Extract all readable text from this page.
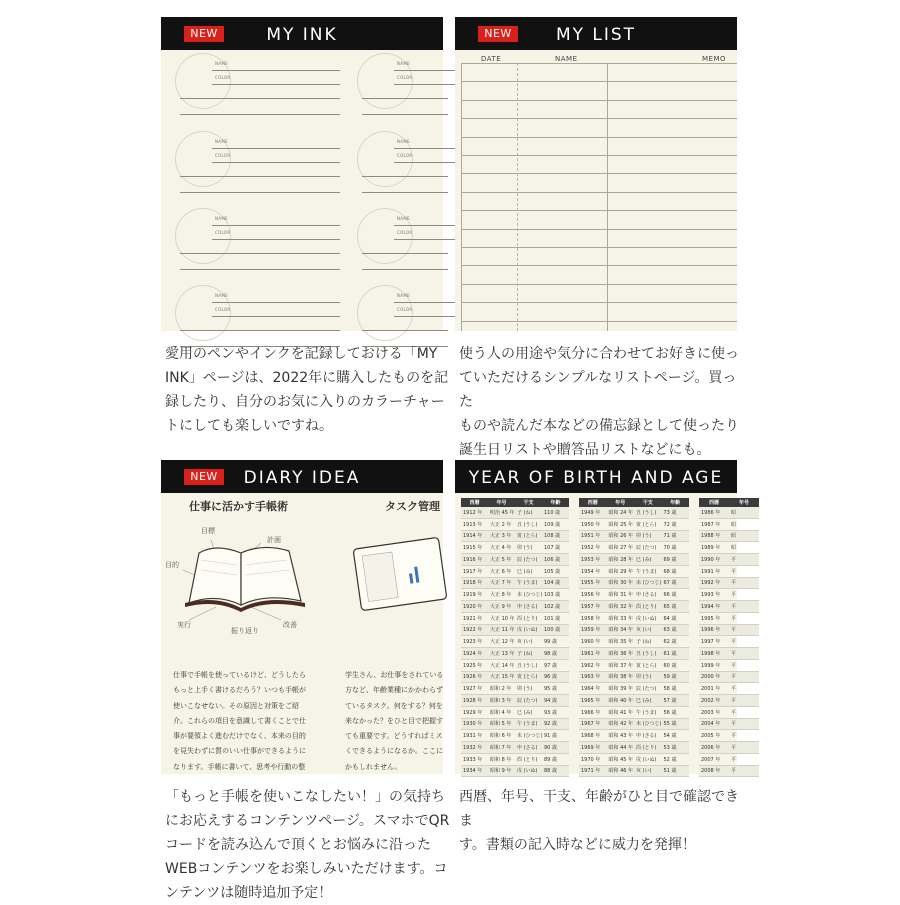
MY INK
NEW
NAME
COLOR
NAME
COLOR
NAME
COLOR
NAME
COLOR
NAME
COLOR
NAME
COLOR
NAME
COLOR
NAME
COLOR

愛用のペンやインクを記録しておける「MY

INK」ページは、2022年に購入したものを記

録したり、自分のお気に入りのカラーチャー

トにしても楽しいですね。

MY LIST
NEW
DATE	NAME	MEMO

使う人の用途や気分に合わせてお好きに使っ

ていただけるシンプルなリストページ。買った

ものや読んだ本などの備忘録として使ったり

誕生日リストや贈答品リストなどにも。

DIARY IDEA
NEW
仕事に活かす手帳術	タスク管理
目標
計画
目的
実行
振り返り
改善
仕事で手帳を使っているけど、どうしたら
もっと上手く書けるだろう？いつも手帳が
使いこなせない。その原因と対策をご紹
介。これらの項目を意識して書くことで仕
事が要領よく進むだけでなく、本来の目的
を見失わずに質のいい仕事ができるように
なります。手帳に書いて、思考や行動の整
学生さん、お仕事をされている
方など、年齢業種にかかわらず
ているタスク。何をする？何を
来なかった？をひと目で把握す
ても重要です。どうすればミス
くできるようになるか。ここに
かもしれません。

「もっと手帳を使いこなしたい！」の気持ち

にお応えするコンテンツページ。スマホでQR

コードを読み込んで頂くとお悩みに沿った

WEBコンテンツをお楽しみいただけます。コ

ンテンツは随時追加予定！

YEAR OF BIRTH AND AGE
西暦	年号	干支	年齢
1912 年	明治 45 年	子 (ね)	110 歳
1913 年	大正 2 年	丑 (うし)	109 歳
1914 年	大正 3 年	寅 (とら)	108 歳
1915 年	大正 4 年	卯 (う)	107 歳
1916 年	大正 5 年	辰 (たつ)	106 歳
1917 年	大正 6 年	巳 (み)	105 歳
1918 年	大正 7 年	午 (うま)	104 歳
1919 年	大正 8 年	未 (ひつじ)	103 歳
1920 年	大正 9 年	申 (さる)	102 歳
1921 年	大正 10 年	酉 (とり)	101 歳
1922 年	大正 11 年	戌 (いぬ)	100 歳
1923 年	大正 12 年	亥 (い)	99 歳
1924 年	大正 13 年	子 (ね)	98 歳
1925 年	大正 14 年	丑 (うし)	97 歳
1926 年	大正 15 年	寅 (とら)	96 歳
1927 年	昭和 2 年	卯 (う)	95 歳
1928 年	昭和 3 年	辰 (たつ)	94 歳
1929 年	昭和 4 年	巳 (み)	93 歳
1930 年	昭和 5 年	午 (うま)	92 歳
1931 年	昭和 6 年	未 (ひつじ)	91 歳
1932 年	昭和 7 年	申 (さる)	90 歳
1933 年	昭和 8 年	酉 (とり)	89 歳
1934 年	昭和 9 年	戌 (いぬ)	88 歳
西暦	年号	干支	年齢
1949 年	昭和 24 年	丑 (うし)	73 歳
1950 年	昭和 25 年	寅 (とら)	72 歳
1951 年	昭和 26 年	卯 (う)	71 歳
1952 年	昭和 27 年	辰 (たつ)	70 歳
1953 年	昭和 28 年	巳 (み)	69 歳
1954 年	昭和 29 年	午 (うま)	68 歳
1955 年	昭和 30 年	未 (ひつじ)	67 歳
1956 年	昭和 31 年	申 (さる)	66 歳
1957 年	昭和 32 年	酉 (とり)	65 歳
1958 年	昭和 33 年	戌 (いぬ)	64 歳
1959 年	昭和 34 年	亥 (い)	63 歳
1960 年	昭和 35 年	子 (ね)	62 歳
1961 年	昭和 36 年	丑 (うし)	61 歳
1962 年	昭和 37 年	寅 (とら)	60 歳
1963 年	昭和 38 年	卯 (う)	59 歳
1964 年	昭和 39 年	辰 (たつ)	58 歳
1965 年	昭和 40 年	巳 (み)	57 歳
1966 年	昭和 41 年	午 (うま)	56 歳
1967 年	昭和 42 年	未 (ひつじ)	55 歳
1968 年	昭和 43 年	申 (さる)	54 歳
1969 年	昭和 44 年	酉 (とり)	53 歳
1970 年	昭和 45 年	戌 (いぬ)	52 歳
1971 年	昭和 46 年	亥 (い)	51 歳
西暦	年号
1986 年	昭
1987 年	昭
1988 年	昭
1989 年	昭
1990 年	平
1991 年	平
1992 年	平
1993 年	平
1994 年	平
1995 年	平
1996 年	平
1997 年	平
1998 年	平
1999 年	平
2000 年	平
2001 年	平
2002 年	平
2003 年	平
2004 年	平
2005 年	平
2006 年	平
2007 年	平
2008 年	平

西暦、年号、干支、年齢がひと目で確認できま

す。書類の記入時などに威力を発揮！
